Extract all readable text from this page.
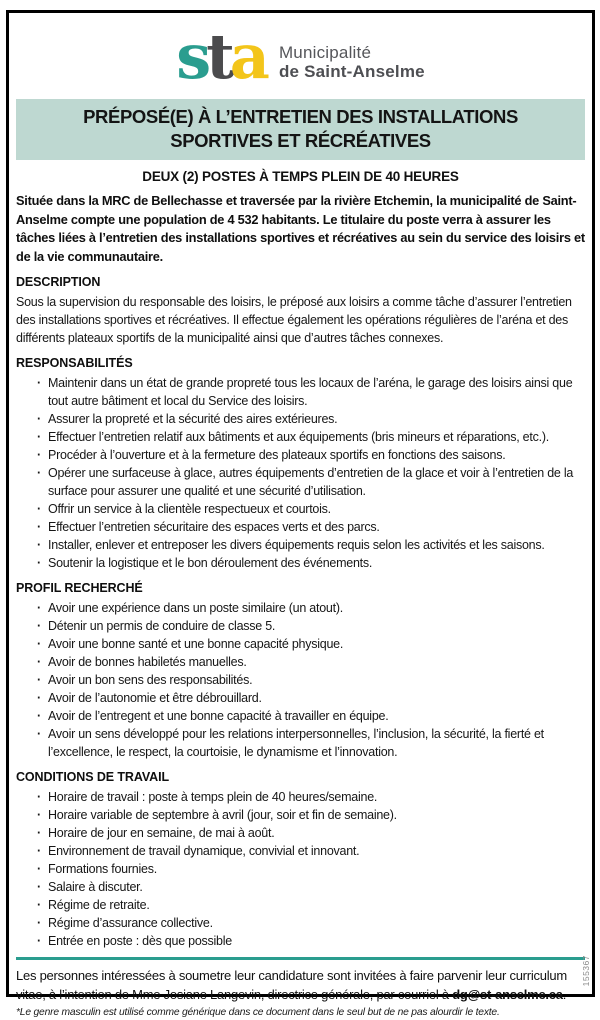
s t a Municipalité
de Saint-Anselme
PRÉPOSÉ(E) À L’ENTRETIEN DES INSTALLATIONS
SPORTIVES ET RÉCRÉATIVES
DEUX (2) POSTES À TEMPS PLEIN DE 40 HEURES

Située dans la MRC de Bellechasse et traversée par la rivière Etchemin, la municipalité de Saint-Anselme compte une population de 4 532 habitants. Le titulaire du poste verra à assurer les tâches liées à l’entretien des installations sportives et récréatives au sein du service des loisirs et de la vie communautaire.

DESCRIPTION

Sous la supervision du responsable des loisirs, le préposé aux loisirs a comme tâche d’assurer l’entretien des installations sportives et récréatives. Il effectue également les opérations régulières de l’aréna et des différents plateaux sportifs de la municipalité ainsi que d’autres tâches connexes.

RESPONSABILITÉS
· Maintenir dans un état de grande propreté tous les locaux de l’aréna, le garage des loisirs ainsi que tout autre bâtiment et local du Service des loisirs.
· Assurer la propreté et la sécurité des aires extérieures.
· Effectuer l’entretien relatif aux bâtiments et aux équipements (bris mineurs et réparations, etc.).
· Procéder à l’ouverture et à la fermeture des plateaux sportifs en fonctions des saisons.
· Opérer une surfaceuse à glace, autres équipements d’entretien de la glace et voir à l’entretien de la surface pour assurer une qualité et une sécurité d’utilisation.
· Offrir un service à la clientèle respectueux et courtois.
· Effectuer l’entretien sécuritaire des espaces verts et des parcs.
· Installer, enlever et entreposer les divers équipements requis selon les activités et les saisons.
· Soutenir la logistique et le bon déroulement des événements.
PROFIL RECHERCHÉ
· Avoir une expérience dans un poste similaire (un atout).
· Détenir un permis de conduire de classe 5.
· Avoir une bonne santé et une bonne capacité physique.
· Avoir de bonnes habiletés manuelles.
· Avoir un bon sens des responsabilités.
· Avoir de l’autonomie et être débrouillard.
· Avoir de l’entregent et une bonne capacité à travailler en équipe.
· Avoir un sens développé pour les relations interpersonnelles, l’inclusion, la sécurité, la fierté et l’excellence, le respect, la courtoisie, le dynamisme et l’innovation.
CONDITIONS DE TRAVAIL
· Horaire de travail : poste à temps plein de 40 heures/semaine.
· Horaire variable de septembre à avril (jour, soir et fin de semaine).
· Horaire de jour en semaine, de mai à août.
· Environnement de travail dynamique, convivial et innovant.
· Formations fournies.
· Salaire à discuter.
· Régime de retraite.
· Régime d’assurance collective.
· Entrée en poste : dès que possible
Les personnes intéressées à soumetre leur candidature sont invitées à faire parvenir leur curriculum vitae, à l’intention de Mme Josiane Langevin, directrice générale, par courriel à dg@st-anselme.ca.
*Le genre masculin est utilisé comme générique dans ce document dans le seul but de ne pas alourdir le texte.
155367
